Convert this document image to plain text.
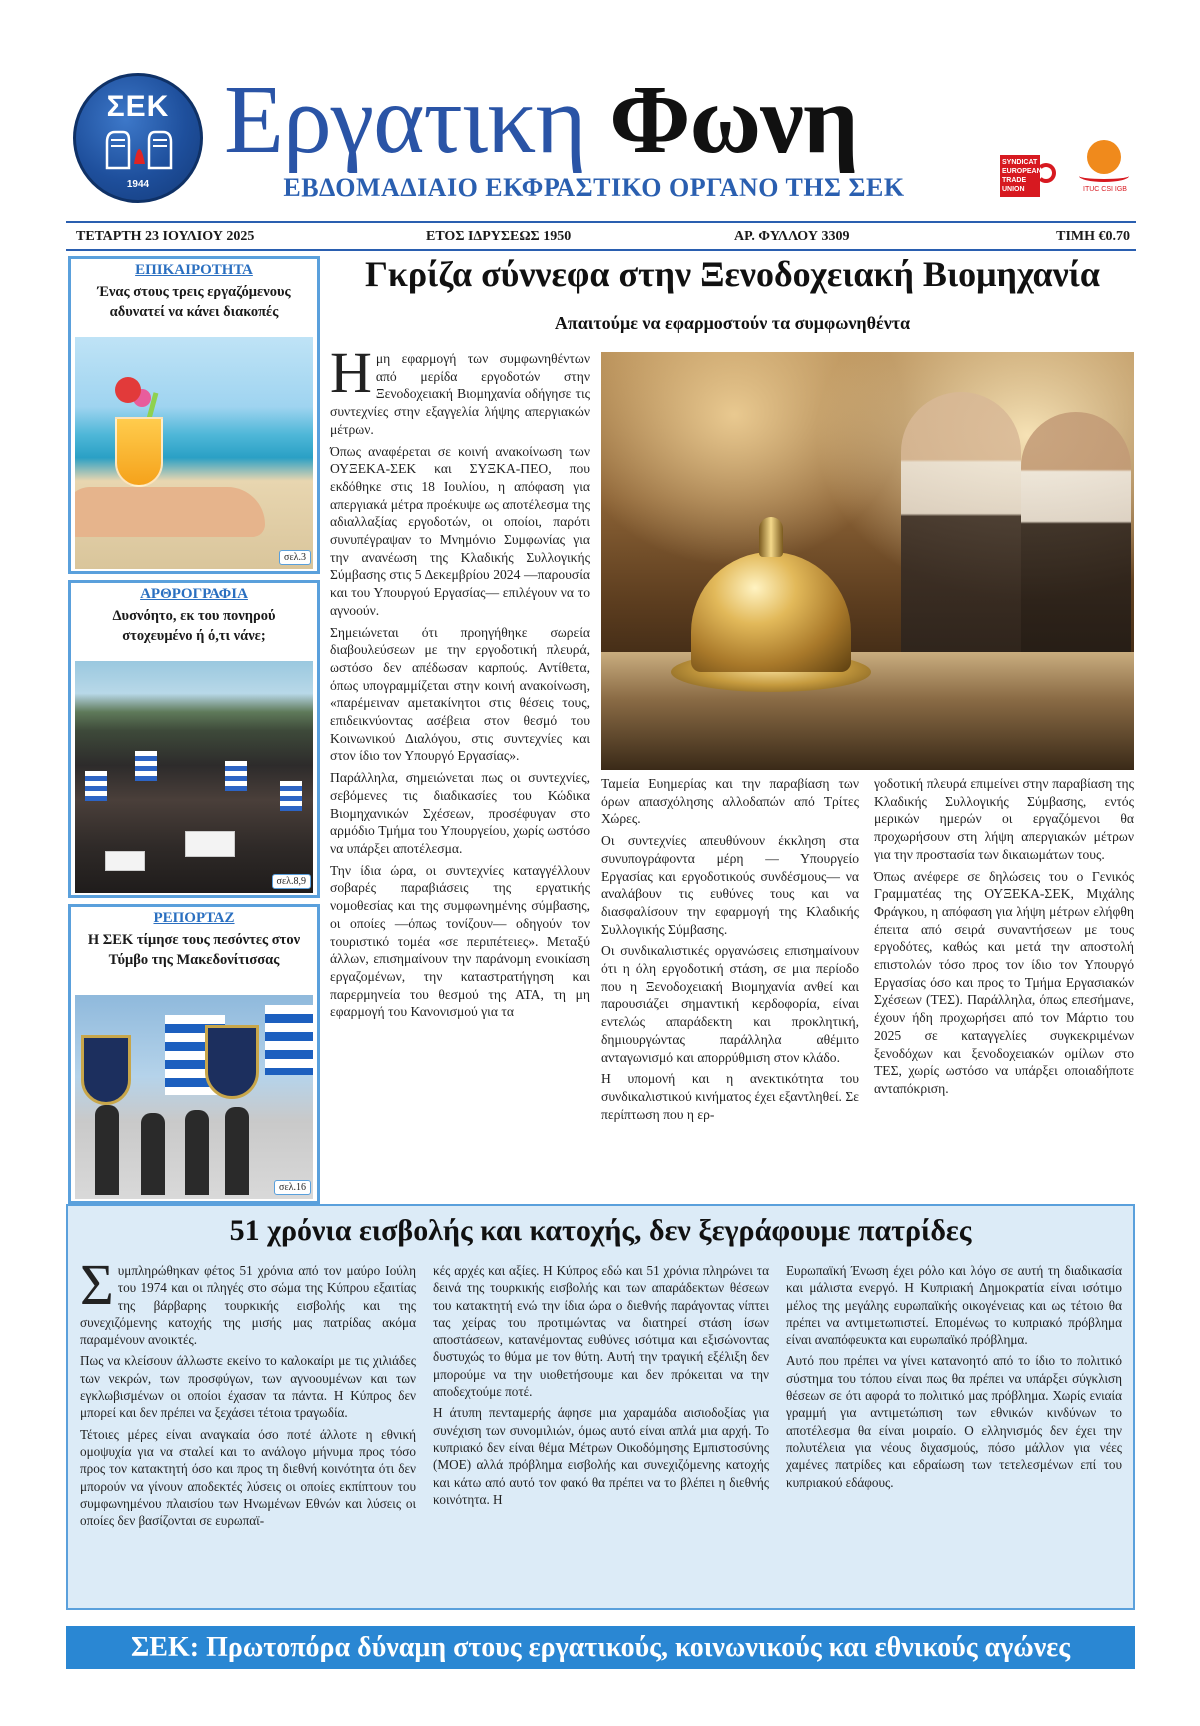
ΣΕΚ
1944
Εργατικη Φωνη
ΕΒΔΟΜΑΔΙΑΙΟ ΕΚΦΡΑΣΤΙΚΟ ΟΡΓΑΝΟ ΤΗΣ ΣΕΚ
SYNDICAT EUROPEAN TRADE UNION	ITUC CSI IGB
ΤΕΤΑΡΤΗ 23 ΙΟΥΛΙΟΥ 2025	ΕΤΟΣ ΙΔΡΥΣΕΩΣ 1950	ΑΡ. ΦΥΛΛΟΥ 3309	ΤΙΜΗ €0.70
ΕΠΙΚΑΙΡΟΤΗΤΑ
Ένας στους τρεις εργαζόμενους αδυνατεί να κάνει διακοπές
σελ.3
ΑΡΘΡΟΓΡΑΦΙΑ
Δυσνόητο, εκ του πονηρού στοχευμένο ή ό,τι νάνε;
σελ.8,9
ΡΕΠΟΡΤΑΖ
Η ΣΕΚ τίμησε τους πεσόντες στον Τύμβο της Μακεδονίτισσας
σελ.16
Γκρίζα σύννεφα στην Ξενοδοχειακή Βιομηχανία
Απαιτούμε να εφαρμοστούν τα συμφωνηθέντα

Ημη εφαρμογή των συμφωνηθέντων από μερίδα εργοδοτών στην Ξενοδοχειακή Βιομηχανία οδήγησε τις συντεχνίες στην εξαγγελία λήψης απεργιακών μέτρων.

Όπως αναφέρεται σε κοινή ανακοίνωση των ΟΥΞΕΚΑ-ΣΕΚ και ΣΥΞΚΑ-ΠΕΟ, που εκδόθηκε στις 18 Ιουλίου, η απόφαση για απεργιακά μέτρα προέκυψε ως αποτέλεσμα της αδιαλλαξίας εργοδοτών, οι οποίοι, παρότι συνυπέγραψαν το Μνημόνιο Συμφωνίας για την ανανέωση της Κλαδικής Συλλογικής Σύμβασης στις 5 Δεκεμβρίου 2024 —παρουσία και του Υπουργού Εργασίας— επιλέγουν να το αγνοούν.

Σημειώνεται ότι προηγήθηκε σωρεία διαβουλεύσεων με την εργοδοτική πλευρά, ωστόσο δεν απέδωσαν καρπούς. Αντίθετα, όπως υπογραμμίζεται στην κοινή ανακοίνωση, «παρέμειναν αμετακίνητοι στις θέσεις τους, επιδεικνύοντας ασέβεια στον θεσμό του Κοινωνικού Διαλόγου, στις συντεχνίες και στον ίδιο τον Υπουργό Εργασίας».

Παράλληλα, σημειώνεται πως οι συντεχνίες, σεβόμενες τις διαδικασίες του Κώδικα Βιομηχανικών Σχέσεων, προσέφυγαν στο αρμόδιο Τμήμα του Υπουργείου, χωρίς ωστόσο να υπάρξει αποτέλεσμα.

Την ίδια ώρα, οι συντεχνίες καταγγέλλουν σοβαρές παραβιάσεις της εργατικής νομοθεσίας και της συμφωνημένης σύμβασης, οι οποίες —όπως τονίζουν— οδηγούν τον τουριστικό τομέα «σε περιπέτειες». Μεταξύ άλλων, επισημαίνουν την παράνομη ενοικίαση εργαζομένων, την καταστρατήγηση και παρερμηνεία του θεσμού της ΑΤΑ, τη μη εφαρμογή του Κανονισμού για τα

Ταμεία Ευημερίας και την παραβίαση των όρων απασχόλησης αλλοδαπών από Τρίτες Χώρες.

Οι συντεχνίες απευθύνουν έκκληση στα συνυπογράφοντα μέρη — Υπουργείο Εργασίας και εργοδοτικούς συνδέσμους— να αναλάβουν τις ευθύνες τους και να διασφαλίσουν την εφαρμογή της Κλαδικής Συλλογικής Σύμβασης.

Οι συνδικαλιστικές οργανώσεις επισημαίνουν ότι η όλη εργοδοτική στάση, σε μια περίοδο που η Ξενοδοχειακή Βιομηχανία ανθεί και παρουσιάζει σημαντική κερδοφορία, είναι εντελώς απαράδεκτη και προκλητική, δημιουργώντας παράλληλα αθέμιτο ανταγωνισμό και απορρύθμιση στον κλάδο.

Η υπομονή και η ανεκτικότητα του συνδικαλιστικού κινήματος έχει εξαντληθεί. Σε περίπτωση που η ερ-

γοδοτική πλευρά επιμείνει στην παραβίαση της Κλαδικής Συλλογικής Σύμβασης, εντός μερικών ημερών οι εργαζόμενοι θα προχωρήσουν στη λήψη απεργιακών μέτρων για την προστασία των δικαιωμάτων τους.

Όπως ανέφερε σε δηλώσεις του ο Γενικός Γραμματέας της ΟΥΞΕΚΑ-ΣΕΚ, Μιχάλης Φράγκου, η απόφαση για λήψη μέτρων ελήφθη έπειτα από σειρά συναντήσεων με τους εργοδότες, καθώς και μετά την αποστολή επιστολών τόσο προς τον ίδιο τον Υπουργό Εργασίας όσο και προς το Τμήμα Εργασιακών Σχέσεων (ΤΕΣ). Παράλληλα, όπως επεσήμανε, έχουν ήδη προχωρήσει από τον Μάρτιο του 2025 σε καταγγελίες συγκεκριμένων ξενοδόχων και ξενοδοχειακών ομίλων στο ΤΕΣ, χωρίς ωστόσο να υπάρξει οποιαδήποτε ανταπόκριση.

51 χρόνια εισβολής και κατοχής, δεν ξεγράφουμε πατρίδες

Συμπληρώθηκαν φέτος 51 χρόνια από τον μαύρο Ιούλη του 1974 και οι πληγές στο σώμα της Κύπρου εξαιτίας της βάρβαρης τουρκικής εισβολής και της συνεχιζόμενης κατοχής της μισής μας πατρίδας ακόμα παραμένουν ανοικτές.

Πως να κλείσουν άλλωστε εκείνο το καλοκαίρι με τις χιλιάδες των νεκρών, των προσφύγων, των αγνοουμένων και των εγκλωβισμένων οι οποίοι έχασαν τα πάντα. Η Κύπρος δεν μπορεί και δεν πρέπει να ξεχάσει τέτοια τραγωδία.

Τέτοιες μέρες είναι αναγκαία όσο ποτέ άλλοτε η εθνική ομοψυχία για να σταλεί και το ανάλογο μήνυμα προς τόσο προς τον κατακτητή όσο και προς τη διεθνή κοινότητα ότι δεν μπορούν να γίνουν αποδεκτές λύσεις οι οποίες εκπίπτουν του συμφωνημένου πλαισίου των Ηνωμένων Εθνών και λύσεις οι οποίες δεν βασίζονται σε ευρωπαϊ-

κές αρχές και αξίες. Η Κύπρος εδώ και 51 χρόνια πληρώνει τα δεινά της τουρκικής εισβολής και των απαράδεκτων θέσεων του κατακτητή ενώ την ίδια ώρα ο διεθνής παράγοντας νίπτει τας χείρας του προτιμώντας να διατηρεί στάση ίσων αποστάσεων, κατανέμοντας ευθύνες ισότιμα και εξισώνοντας δυστυχώς το θύμα με τον θύτη. Αυτή την τραγική εξέλιξη δεν μπορούμε να την υιοθετήσουμε και δεν πρόκειται να την αποδεχτούμε ποτέ.

Η άτυπη πενταμερής άφησε μια χαραμάδα αισιοδοξίας για συνέχιση των συνομιλιών, όμως αυτό είναι απλά μια αρχή. Το κυπριακό δεν είναι θέμα Μέτρων Οικοδόμησης Εμπιστοσύνης (ΜΟΕ) αλλά πρόβλημα εισβολής και συνεχιζόμενης κατοχής και κάτω από αυτό τον φακό θα πρέπει να το βλέπει η διεθνής κοινότητα. Η

Ευρωπαϊκή Ένωση έχει ρόλο και λόγο σε αυτή τη διαδικασία και μάλιστα ενεργό. Η Κυπριακή Δημοκρατία είναι ισότιμο μέλος της μεγάλης ευρωπαϊκής οικογένειας και ως τέτοιο θα πρέπει να αντιμετωπιστεί. Επομένως το κυπριακό πρόβλημα είναι αναπόφευκτα και ευρωπαϊκό πρόβλημα.

Αυτό που πρέπει να γίνει κατανοητό από το ίδιο το πολιτικό σύστημα του τόπου είναι πως θα πρέπει να υπάρξει σύγκλιση θέσεων σε ότι αφορά το πολιτικό μας πρόβλημα. Χωρίς ενιαία γραμμή για αντιμετώπιση των εθνικών κινδύνων το αποτέλεσμα θα είναι μοιραίο. Ο ελληνισμός δεν έχει την πολυτέλεια για νέους διχασμούς, πόσο μάλλον για νέες χαμένες πατρίδες και εδραίωση των τετελεσμένων επί του κυπριακού εδάφους.

ΣΕΚ: Πρωτοπόρα δύναμη στους εργατικούς, κοινωνικούς και εθνικούς αγώνες
